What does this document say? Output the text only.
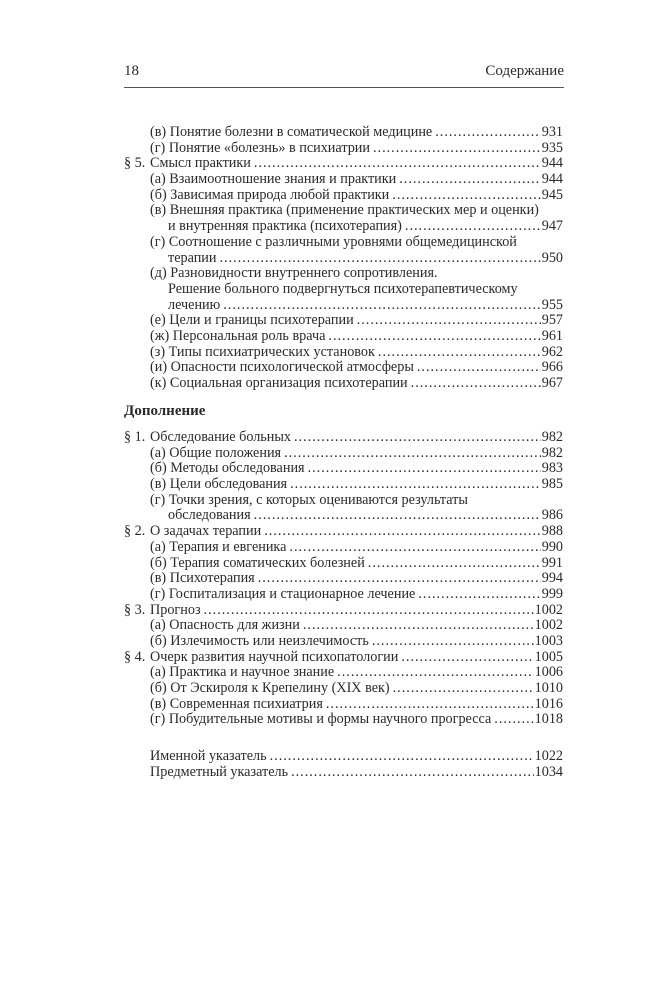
18	Содержание
(в) Понятие болезни в соматической медицине .....	931
(г) Понятие «болезнь» в психиатрии .....	935
§ 5. Смысл практики .....	944
(а) Взаимоотношение знания и практики .....	944
(б) Зависимая природа любой практики .....	945
(в) Внешняя практика (применение практических мер и оценки)
и внутренняя практика (психотерапия) .....	947
(г) Соотношение с различными уровнями общемедицинской
терапии .....	950
(д) Разновидности внутреннего сопротивления.
Решение больного подвергнуться психотерапевтическому
лечению .....	955
(е) Цели и границы психотерапии .....	957
(ж) Персональная роль врача .....	961
(з) Типы психиатрических установок .....	962
(и) Опасности психологической атмосферы .....	966
(к) Социальная организация психотерапии .....	967
Дополнение
§ 1. Обследование больных .....	982
(а) Общие положения .....	982
(б) Методы обследования .....	983
(в) Цели обследования .....	985
(г) Точки зрения, с которых оцениваются результаты
обследования .....	986
§ 2. О задачах терапии .....	988
(а) Терапия и евгеника .....	990
(б) Терапия соматических болезней .....	991
(в) Психотерапия .....	994
(г) Госпитализация и стационарное лечение .....	999
§ 3. Прогноз .....	1002
(а) Опасность для жизни .....	1002
(б) Излечимость или неизлечимость .....	1003
§ 4. Очерк развития научной психопатологии .....	1005
(а) Практика и научное знание .....	1006
(б) От Эскироля к Крепелину (XIX век) .....	1010
(в) Современная психиатрия .....	1016
(г) Побудительные мотивы и формы научного прогресса .....	1018
Именной указатель .....	1022
Предметный указатель .....	1034
